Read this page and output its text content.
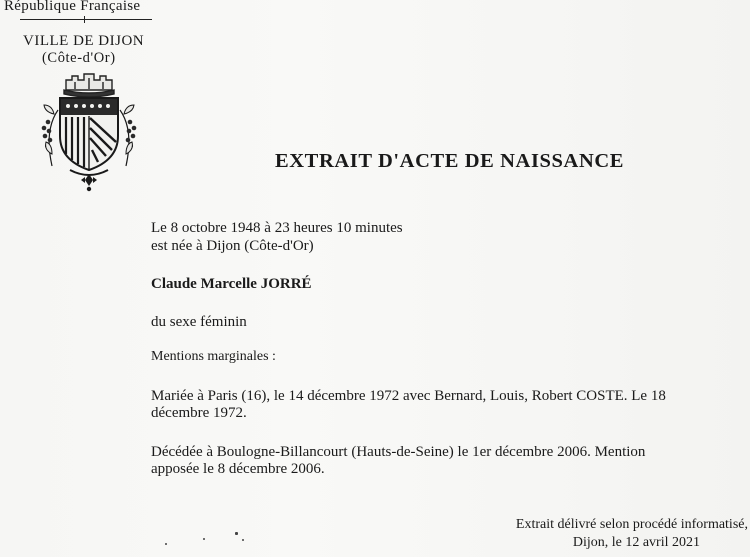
République Française
VILLE DE DIJON
(Côte-d'Or)
EXTRAIT D'ACTE DE NAISSANCE
Le 8 octobre 1948 à 23 heures 10 minutes
est née à Dijon (Côte-d'Or)
Claude Marcelle JORRÉ
du sexe féminin
Mentions marginales :
Mariée à Paris (16), le 14 décembre 1972 avec Bernard, Louis, Robert COSTE. Le 18
décembre 1972.
Décédée à Boulogne-Billancourt (Hauts-de-Seine) le 1er décembre 2006. Mention
apposée le 8 décembre 2006.
Extrait délivré selon procédé informatisé,
Dijon, le 12 avril 2021
